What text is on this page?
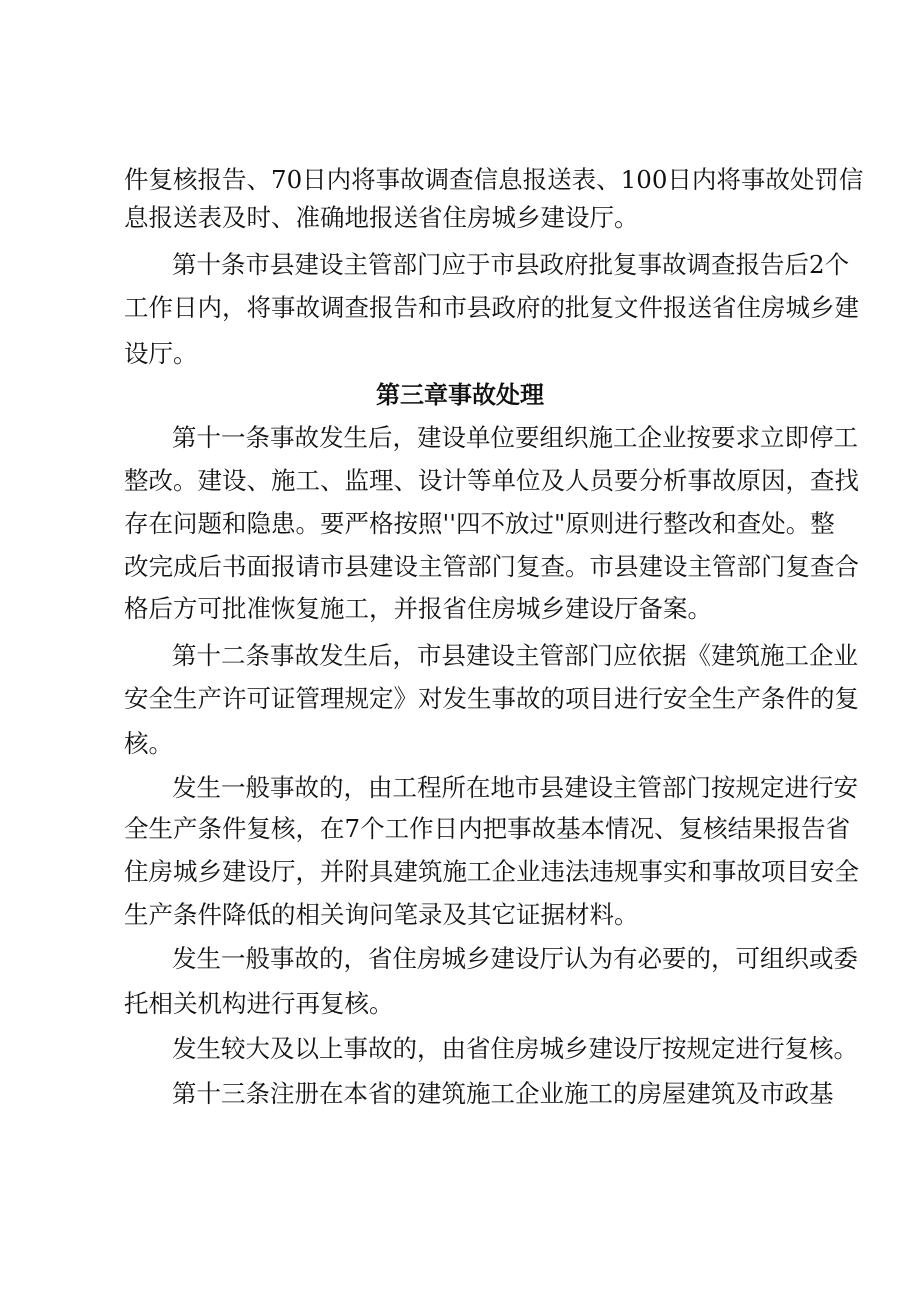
件复核报告、70日内将事故调查信息报送表、100日内将事故处罚信
息报送表及时、准确地报送省住房城乡建设厅。
第十条市县建设主管部门应于市县政府批复事故调查报告后2个
工作日内，将事故调查报告和市县政府的批复文件报送省住房城乡建
设厅。
第三章事故处理
第十一条事故发生后，建设单位要组织施工企业按要求立即停工
整改。建设、施工、监理、设计等单位及人员要分析事故原因，查找
存在问题和隐患。要严格按照''四不放过"原则进行整改和查处。整
改完成后书面报请市县建设主管部门复查。市县建设主管部门复查合
格后方可批准恢复施工，并报省住房城乡建设厅备案。
第十二条事故发生后，市县建设主管部门应依据《建筑施工企业
安全生产许可证管理规定》对发生事故的项目进行安全生产条件的复
核。
发生一般事故的，由工程所在地市县建设主管部门按规定进行安
全生产条件复核，在7个工作日内把事故基本情况、复核结果报告省
住房城乡建设厅，并附具建筑施工企业违法违规事实和事故项目安全
生产条件降低的相关询问笔录及其它证据材料。
发生一般事故的，省住房城乡建设厅认为有必要的，可组织或委
托相关机构进行再复核。
发生较大及以上事故的，由省住房城乡建设厅按规定进行复核。
第十三条注册在本省的建筑施工企业施工的房屋建筑及市政基
